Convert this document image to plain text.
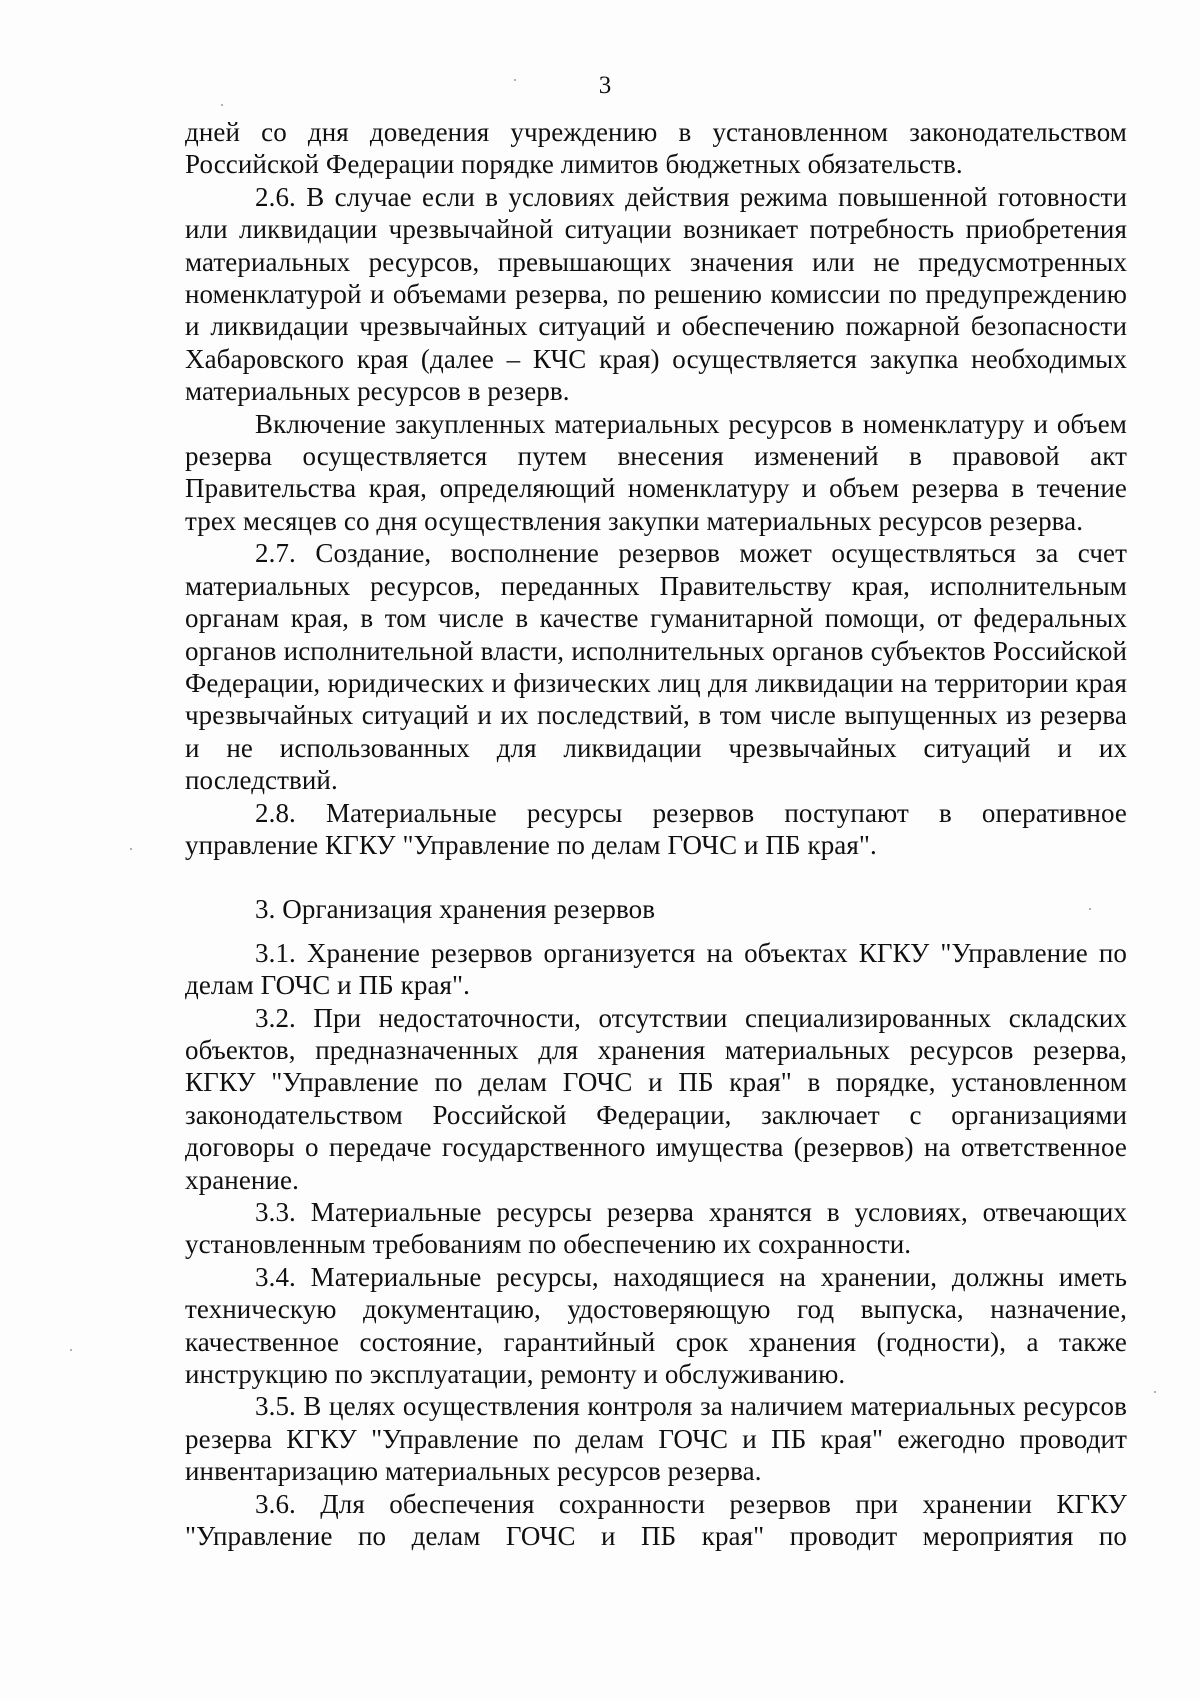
3

дней со дня доведения учреждению в установленном законодательством Российской Федерации порядке лимитов бюджетных обязательств.

2.6. В случае если в условиях действия режима повышенной готовности или ликвидации чрезвычайной ситуации возникает потребность приобретения материальных ресурсов, превышающих значения или не предусмотренных номенклатурой и объемами резерва, по решению комиссии по предупреждению и ликвидации чрезвычайных ситуаций и обеспечению пожарной безопасности Хабаровского края (далее – КЧС края) осуществляется закупка необходимых материальных ресурсов в резерв.

Включение закупленных материальных ресурсов в номенклатуру и объем резерва осуществляется путем внесения изменений в правовой акт Правительства края, определяющий номенклатуру и объем резерва в течение трех месяцев со дня осуществления закупки материальных ресурсов резерва.

2.7. Создание, восполнение резервов может осуществляться за счет материальных ресурсов, переданных Правительству края, исполнительным органам края, в том числе в качестве гуманитарной помощи, от федеральных органов исполнительной власти, исполнительных органов субъектов Российской Федерации, юридических и физических лиц для ликвидации на территории края чрезвычайных ситуаций и их последствий, в том числе выпущенных из резерва и не использованных для ликвидации чрезвычайных ситуаций и их последствий.

2.8. Материальные ресурсы резервов поступают в оперативное управление КГКУ "Управление по делам ГОЧС и ПБ края".

3. Организация хранения резервов

3.1. Хранение резервов организуется на объектах КГКУ "Управление по делам ГОЧС и ПБ края".

3.2. При недостаточности, отсутствии специализированных складских объектов, предназначенных для хранения материальных ресурсов резерва, КГКУ "Управление по делам ГОЧС и ПБ края" в порядке, установленном законодательством Российской Федерации, заключает с организациями договоры о передаче государственного имущества (резервов) на ответственное хранение.

3.3. Материальные ресурсы резерва хранятся в условиях, отвечающих установленным требованиям по обеспечению их сохранности.

3.4. Материальные ресурсы, находящиеся на хранении, должны иметь техническую документацию, удостоверяющую год выпуска, назначение, качественное состояние, гарантийный срок хранения (годности), а также инструкцию по эксплуатации, ремонту и обслуживанию.

3.5. В целях осуществления контроля за наличием материальных ресурсов резерва КГКУ "Управление по делам ГОЧС и ПБ края" ежегодно проводит инвентаризацию материальных ресурсов резерва.

3.6. Для обеспечения сохранности резервов при хранении КГКУ "Управление по делам ГОЧС и ПБ края" проводит мероприятия по
